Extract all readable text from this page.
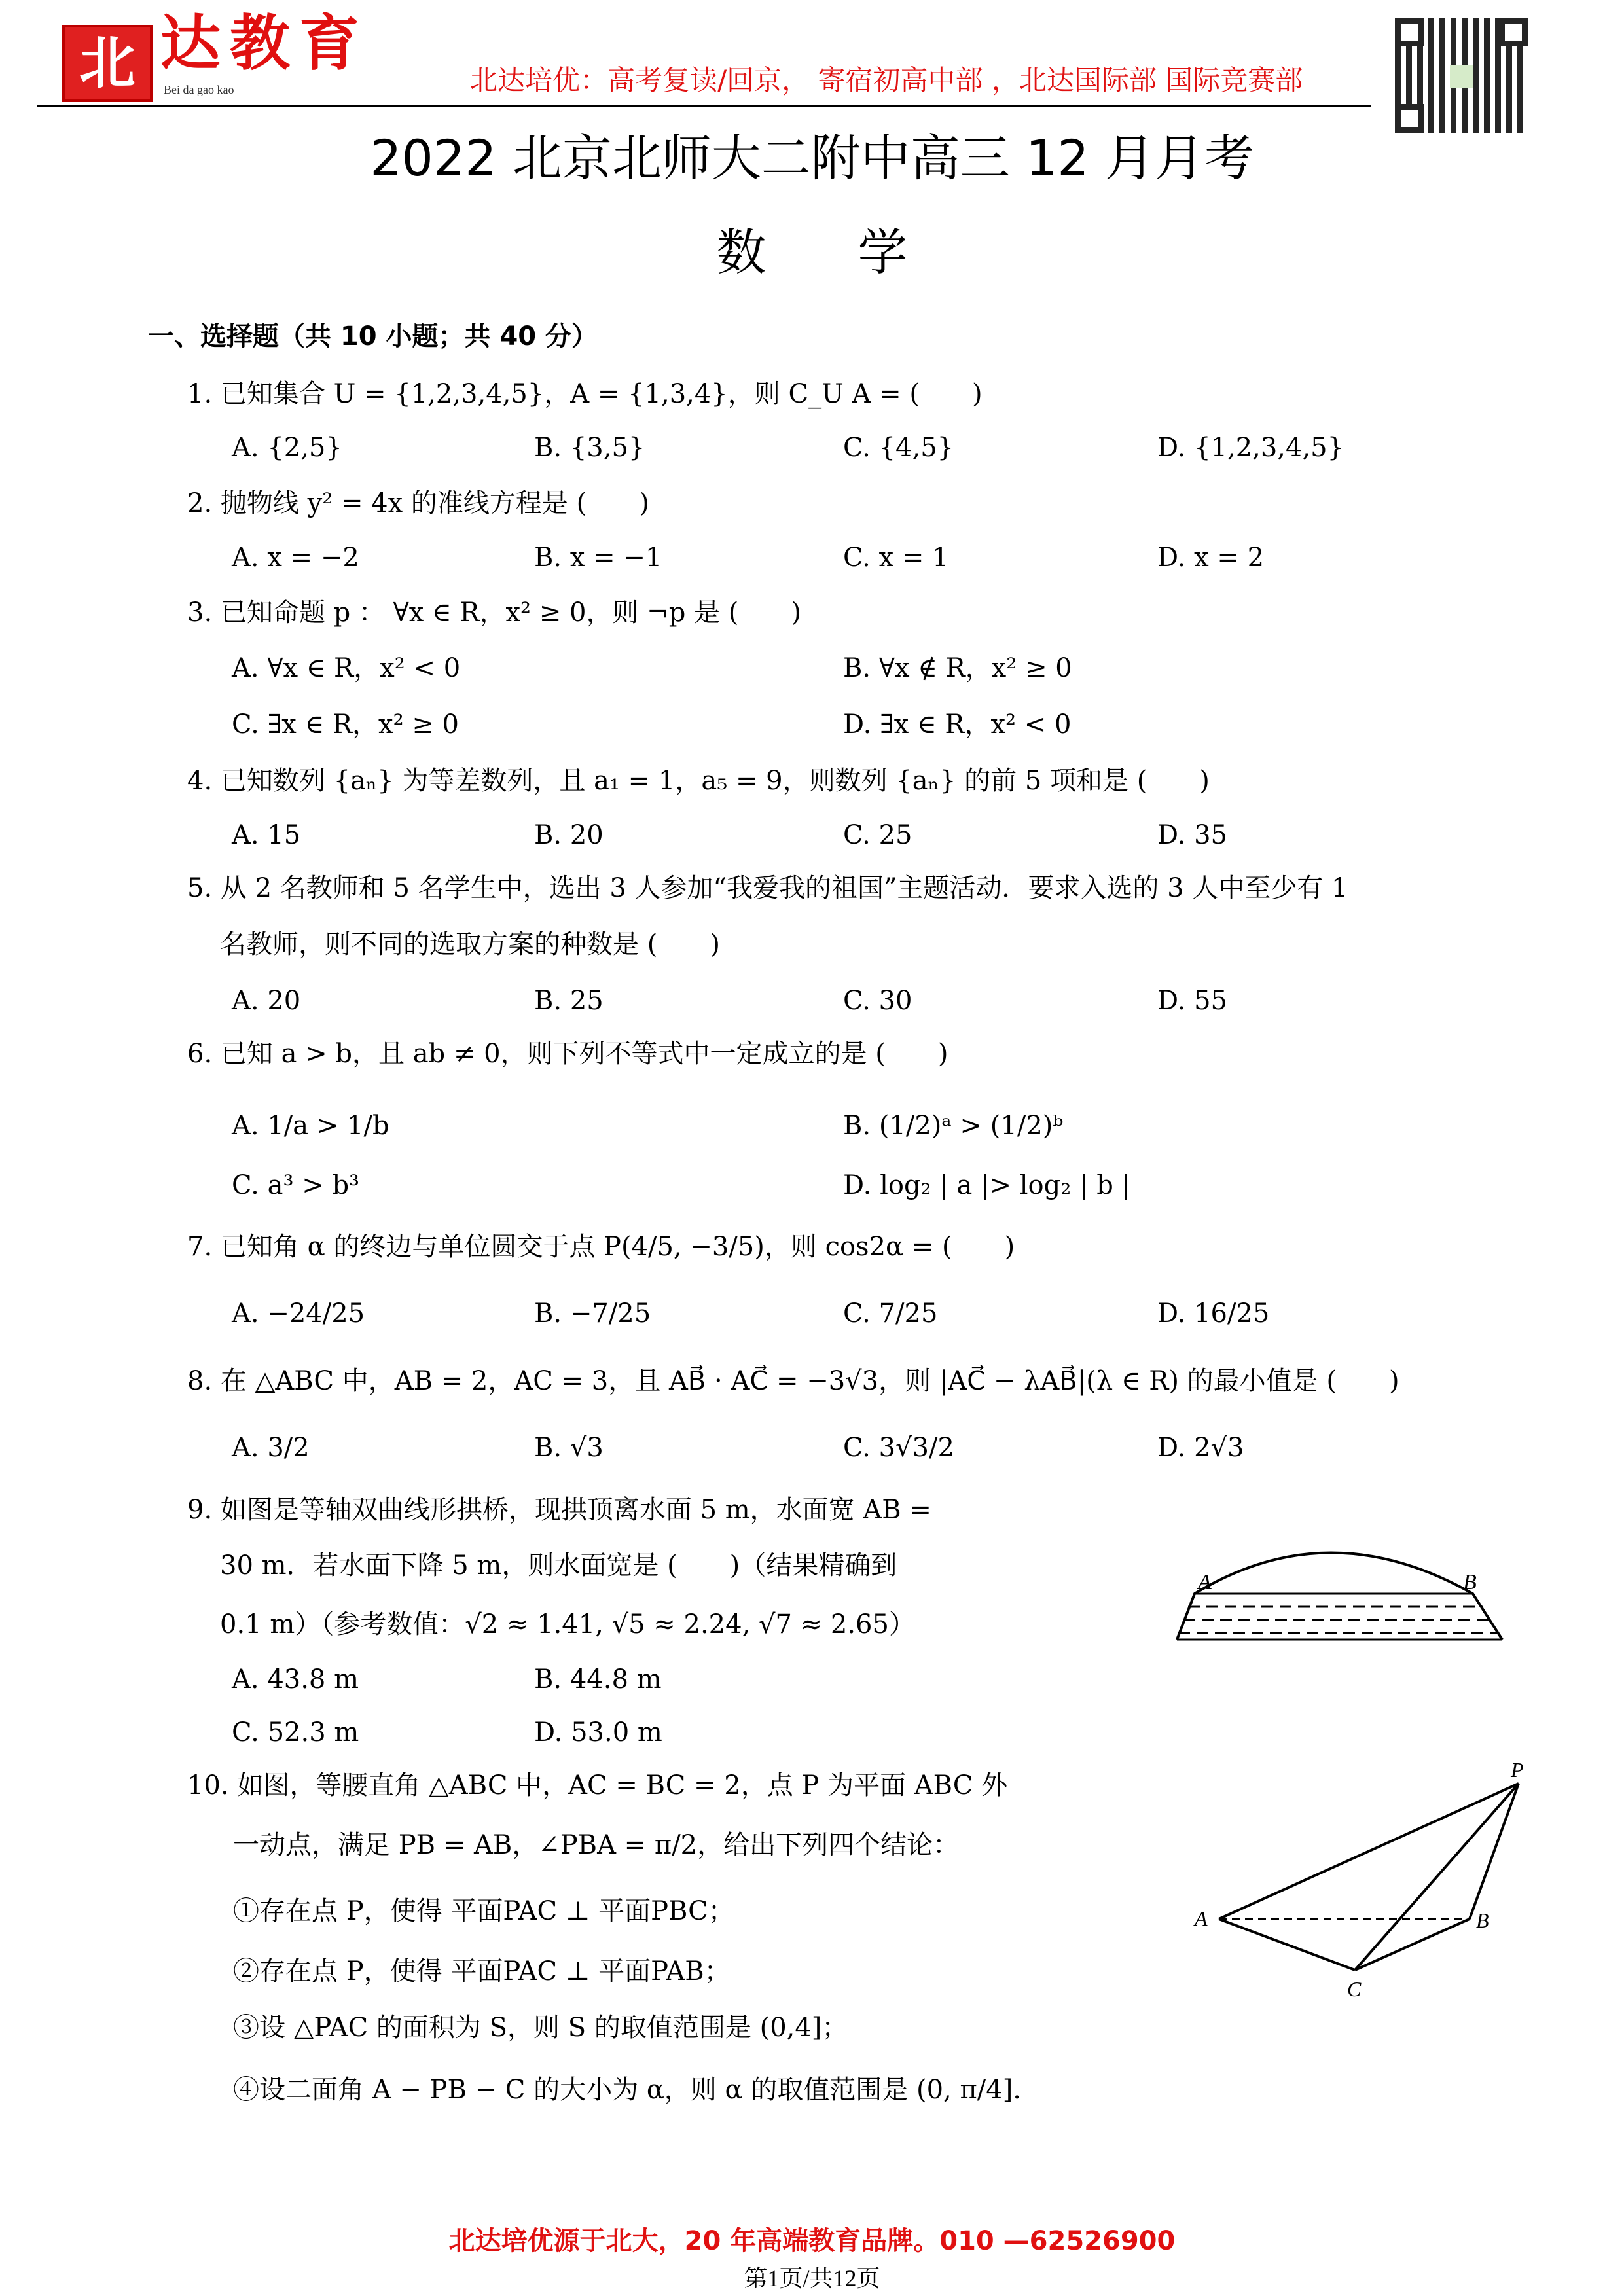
北 达教育
Bei da gao kao	北达培优：高考复读/回京， 寄宿初高中部 ，北达国际部 国际竞赛部
2022 北京北师大二附中高三 12 月月考
数学
一、选择题（共 10 小题；共 40 分）
1. 已知集合 U = {1,2,3,4,5}，A = {1,3,4}，则 C_U A = (　　)
A. {2,5}	B. {3,5}	C. {4,5}	D. {1,2,3,4,5}
2. 抛物线 y² = 4x 的准线方程是 (　　)
A. x = −2	B. x = −1	C. x = 1	D. x = 2
3. 已知命题 p ： ∀x ∈ R，x² ≥ 0，则 ¬p 是 (　　)
A. ∀x ∈ R，x² < 0	B. ∀x ∉ R，x² ≥ 0
C. ∃x ∈ R，x² ≥ 0	D. ∃x ∈ R，x² < 0
4. 已知数列 {aₙ} 为等差数列，且 a₁ = 1，a₅ = 9，则数列 {aₙ} 的前 5 项和是 (　　)
A. 15	B. 20	C. 25	D. 35
5. 从 2 名教师和 5 名学生中，选出 3 人参加“我爱我的祖国”主题活动．要求入选的 3 人中至少有 1
名教师，则不同的选取方案的种数是 (　　)
A. 20	B. 25	C. 30	D. 55
6. 已知 a > b，且 ab ≠ 0，则下列不等式中一定成立的是 (　　)
A. 1/a > 1/b	B. (1/2)ᵃ > (1/2)ᵇ
C. a³ > b³	D. log₂ | a |> log₂ | b |
7. 已知角 α 的终边与单位圆交于点 P(4/5, −3/5)，则 cos2α = (　　)
A. −24/25	B. −7/25	C. 7/25	D. 16/25
8. 在 △ABC 中，AB = 2，AC = 3，且 AB⃗ · AC⃗ = −3√3，则 |AC⃗ − λAB⃗|(λ ∈ R) 的最小值是 (　　)
A. 3/2	B. √3	C. 3√3/2	D. 2√3
9. 如图是等轴双曲线形拱桥，现拱顶离水面 5 m，水面宽 AB =
30 m．若水面下降 5 m，则水面宽是 (　　)（结果精确到
0.1 m）（参考数值：√2 ≈ 1.41, √5 ≈ 2.24, √7 ≈ 2.65）
A. 43.8 m	B. 44.8 m
C. 52.3 m	D. 53.0 m
10. 如图，等腰直角 △ABC 中，AC = BC = 2，点 P 为平面 ABC 外
一动点，满足 PB = AB，∠PBA = π/2，给出下列四个结论：
①存在点 P，使得 平面PAC ⊥ 平面PBC；
②存在点 P，使得 平面PAC ⊥ 平面PAB；
③设 △PAC 的面积为 S，则 S 的取值范围是 (0,4]；
④设二面角 A − PB − C 的大小为 α，则 α 的取值范围是 (0, π/4].
A	B
P
A	B
C
北达培优源于北大，20 年高端教育品牌。010 —62526900
第1页/共12页
